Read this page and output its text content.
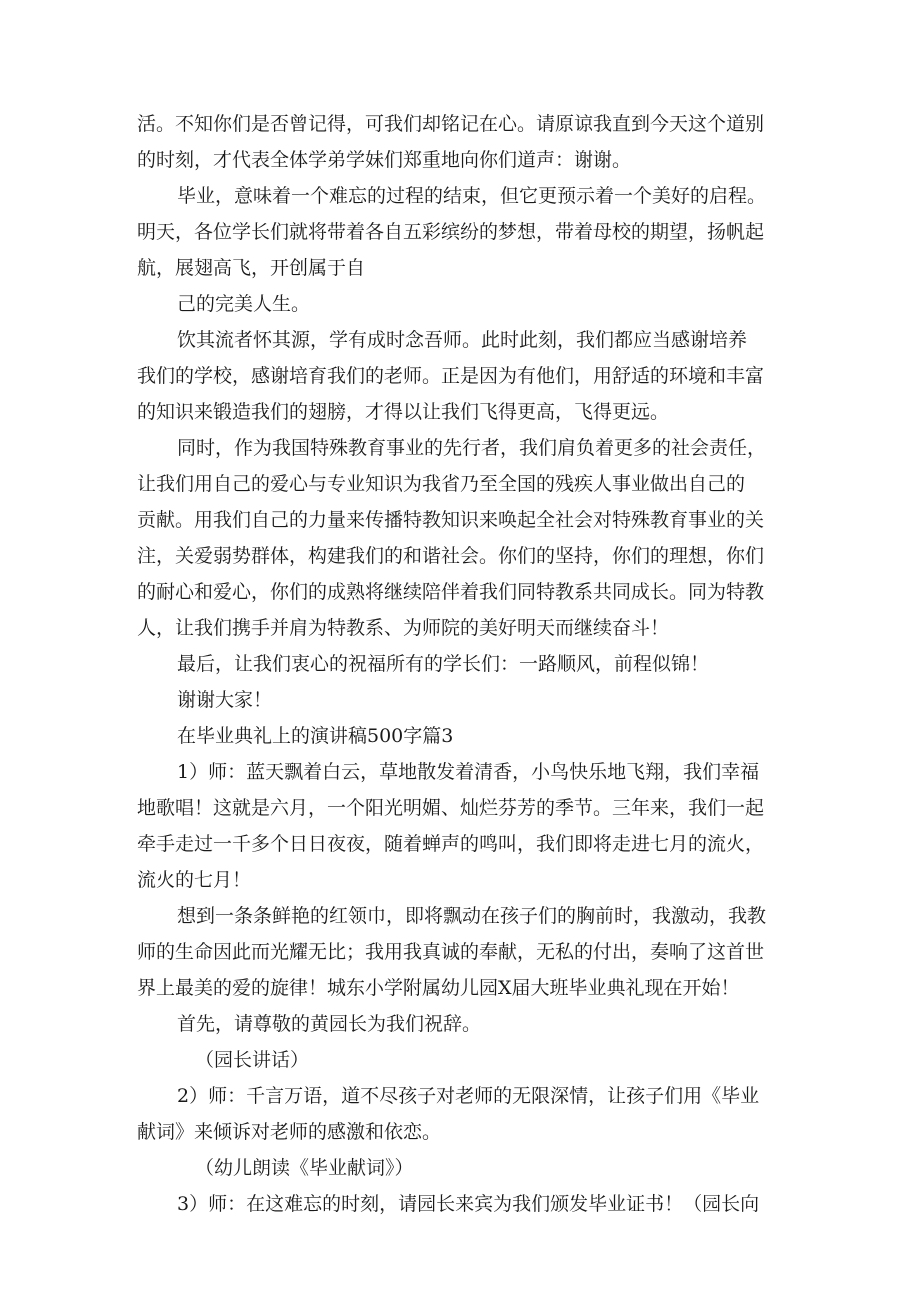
活。不知你们是否曾记得，可我们却铭记在心。请原谅我直到今天这个道别
的时刻，才代表全体学弟学妹们郑重地向你们道声：谢谢。
毕业，意味着一个难忘的过程的结束，但它更预示着一个美好的启程。
明天，各位学长们就将带着各自五彩缤纷的梦想，带着母校的期望，扬帆起
航，展翅高飞，开创属于自
己的完美人生。
饮其流者怀其源，学有成时念吾师。此时此刻，我们都应当感谢培养
我们的学校，感谢培育我们的老师。正是因为有他们，用舒适的环境和丰富
的知识来锻造我们的翅膀，才得以让我们飞得更高，飞得更远。
同时，作为我国特殊教育事业的先行者，我们肩负着更多的社会责任，
让我们用自己的爱心与专业知识为我省乃至全国的残疾人事业做出自己的
贡献。用我们自己的力量来传播特教知识来唤起全社会对特殊教育事业的关
注，关爱弱势群体，构建我们的和谐社会。你们的坚持，你们的理想，你们
的耐心和爱心，你们的成熟将继续陪伴着我们同特教系共同成长。同为特教
人，让我们携手并肩为特教系、为师院的美好明天而继续奋斗！
最后，让我们衷心的祝福所有的学长们：一路顺风，前程似锦！
谢谢大家！
在毕业典礼上的演讲稿500字篇3
1）师：蓝天飘着白云，草地散发着清香，小鸟快乐地飞翔，我们幸福
地歌唱！这就是六月，一个阳光明媚、灿烂芬芳的季节。三年来，我们一起
牵手走过一千多个日日夜夜，随着蝉声的鸣叫，我们即将走进七月的流火，
流火的七月！
想到一条条鲜艳的红领巾，即将飘动在孩子们的胸前时，我激动，我教
师的生命因此而光耀无比；我用我真诚的奉献，无私的付出，奏响了这首世
界上最美的爱的旋律！城东小学附属幼儿园X届大班毕业典礼现在开始！
首先，请尊敬的黄园长为我们祝辞。
（园长讲话）
2）师：千言万语，道不尽孩子对老师的无限深情，让孩子们用《毕业
献词》来倾诉对老师的感激和依恋。
（幼儿朗读《毕业献词》）
3）师：在这难忘的时刻，请园长来宾为我们颁发毕业证书！（园长向
